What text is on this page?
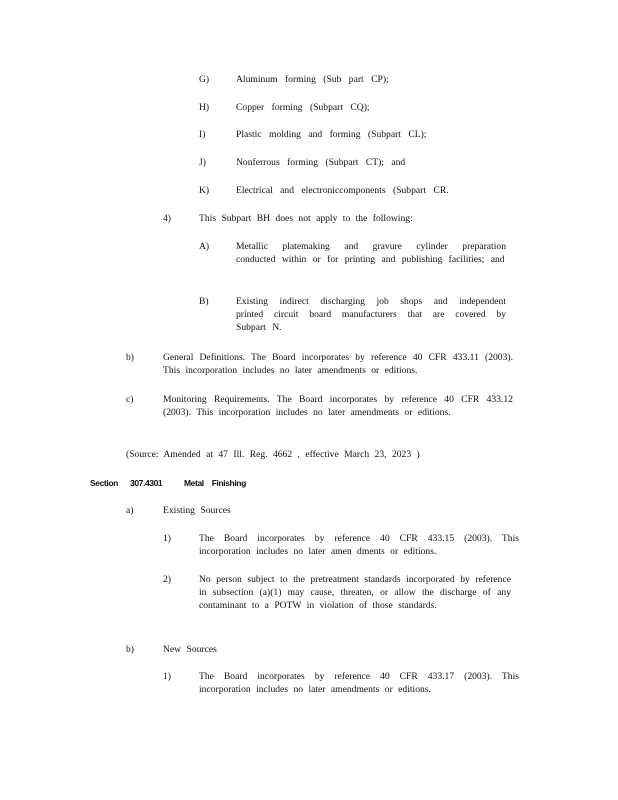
G)	Aluminum forming (Sub part CP);
H)	Copper forming (Subpart CQ);
I)	Plastic molding and forming (Subpart CL);
J)	Nonferrous forming (Subpart CT); and
K)	Electrical and electroniccomponents (Subpart CR.
4)	This Subpart BH does not apply to the following:
A)	Metallic platemaking and gravure cylinder preparation conducted within or for printing and publishing facilities; and
B)	Existing indirect discharging job shops and independent printed circuit board manufacturers that are covered by Subpart N.
b)	General Definitions. The Board incorporates by reference 40 CFR 433.11 (2003). This incorporation includes no later amendments or editions.
c)	Monitoring Requirements. The Board incorporates by reference 40 CFR 433.12 (2003). This incorporation includes no later amendments or editions.
(Source: Amended at 47 Ill. Reg. 4662 , effective March 23, 2023 )
Section 307.4301	Metal Finishing
a)	Existing Sources
1)	The Board incorporates by reference 40 CFR 433.15 (2003). This incorporation includes no later amen dments or editions.
2)	No person subject to the pretreatment standards incorporated by reference in subsection (a)(1) may cause, threaten, or allow the discharge of any contaminant to a POTW in violation of those standards.
b)	New Sources
1)	The Board incorporates by reference 40 CFR 433.17 (2003). This incorporation includes no later amendments or editions.
